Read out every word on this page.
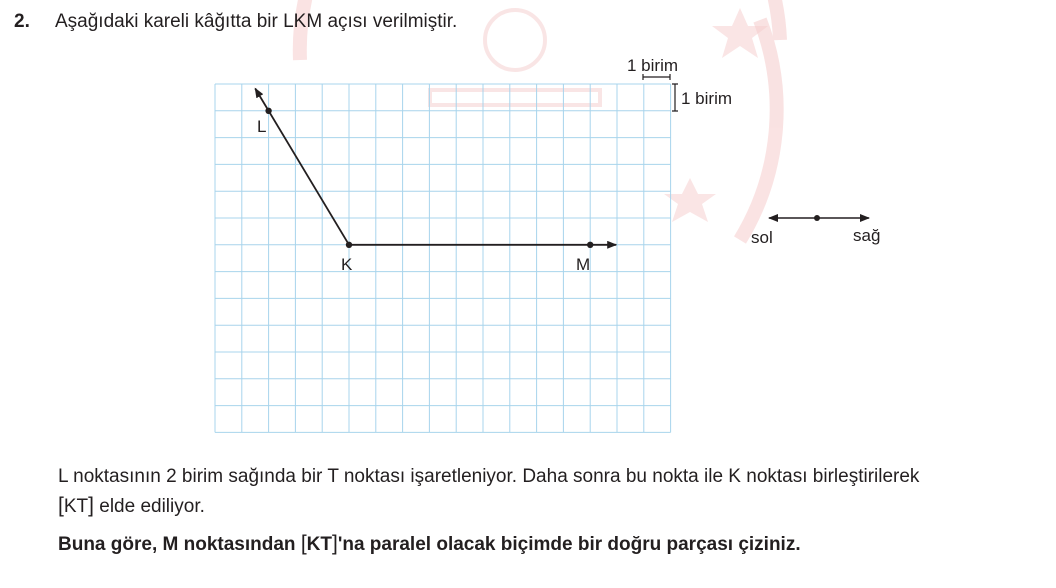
2. Aşağıdaki kareli kâğıtta bir LKM açısı verilmiştir.
1 birim
1 birim
L
K	M
sol	sağ
L noktasının 2 birim sağında bir T noktası işaretleniyor. Daha sonra bu nokta ile K noktası birleştirilerek
[KT] elde ediliyor.
Buna göre, M noktasından [KT]'na paralel olacak biçimde bir doğru parçası çiziniz.
